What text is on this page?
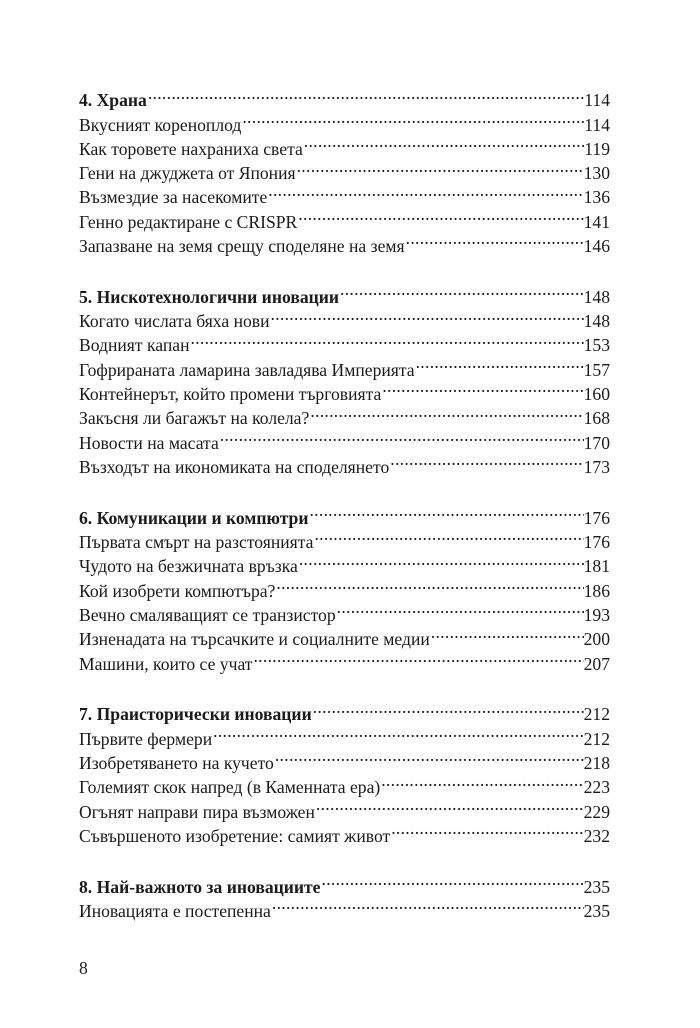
4. Храна .....	114
Вкусният кореноплод .....	114
Как торовете нахраниха света .....	119
Гени на джуджета от Япония .....	130
Възмездие за насекомите .....	136
Генно редактиране с CRISPR .....	141
Запазване на земя срещу споделяне на земя .....	146
5. Нискотехнологични иновации .....	148
Когато числата бяха нови .....	148
Водният капан .....	153
Гофрираната ламарина завладява Империята .....	157
Контейнерът, който промени търговията .....	160
Закъсня ли багажът на колела? .....	168
Новости на масата .....	170
Възходът на икономиката на споделянето .....	173
6. Комуникации и компютри .....	176
Първата смърт на разстоянията .....	176
Чудото на безжичната връзка .....	181
Кой изобрети компютъра? .....	186
Вечно смаляващият се транзистор .....	193
Изненадата на търсачките и социалните медии .....	200
Машини, които се учат .....	207
7. Праисторически иновации .....	212
Първите фермери .....	212
Изобретяването на кучето .....	218
Големият скок напред (в Каменната ера) .....	223
Огънят направи пира възможен .....	229
Съвършеното изобретение: самият живот .....	232
8. Най-важното за иновациите .....	235
Иновацията е постепенна .....	235
8
